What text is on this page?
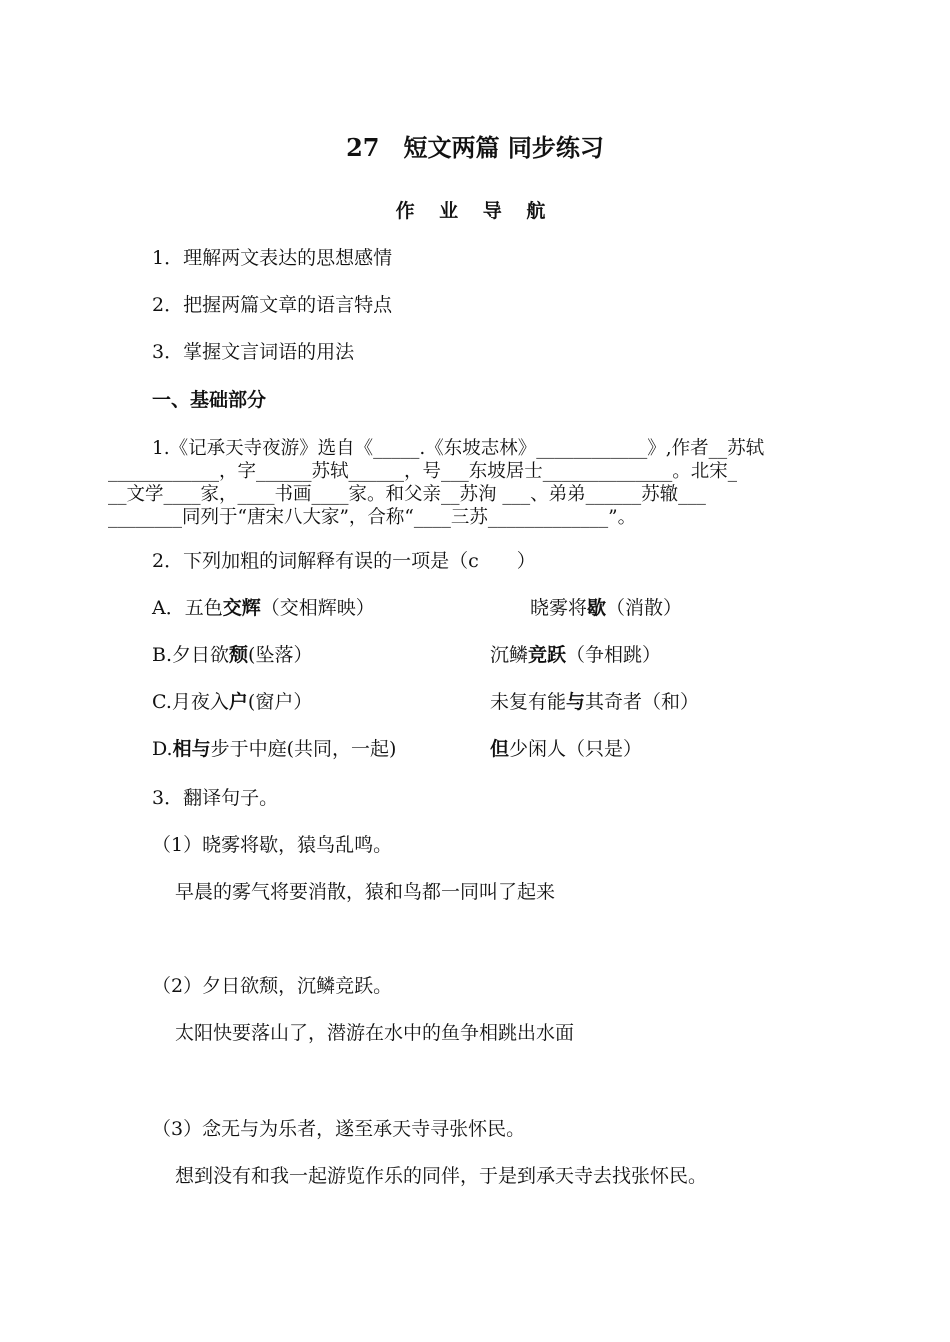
27 短文两篇 同步练习
作 业 导 航
1．理解两文表达的思想感情
2．把握两篇文章的语言特点
3．掌握文言词语的用法
一、基础部分
1.《记承天寺夜游》选自《_____.《东坡志林》____________》,作者__苏轼
____________，字______苏轼______，号___东坡居士______________。北宋_
__文学____家，____书画____家。和父亲__苏洵 ___、弟弟______苏辙___
________同列于“唐宋八大家”，合称“____三苏_____________”。
2．下列加粗的词解释有误的一项是（c　　）
A．五色交辉（交相辉映）	晓雾将歇（消散）
B.夕日欲颓(坠落）	沉鳞竞跃（争相跳）
C.月夜入户(窗户）	未复有能与其奇者（和）
D.相与步于中庭(共同，一起)	但少闲人（只是）
3．翻译句子。
（1）晓雾将歇，猿鸟乱鸣。
早晨的雾气将要消散，猿和鸟都一同叫了起来
（2）夕日欲颓，沉鳞竞跃。
太阳快要落山了，潜游在水中的鱼争相跳出水面
（3）念无与为乐者，遂至承天寺寻张怀民。
想到没有和我一起游览作乐的同伴，于是到承天寺去找张怀民。
